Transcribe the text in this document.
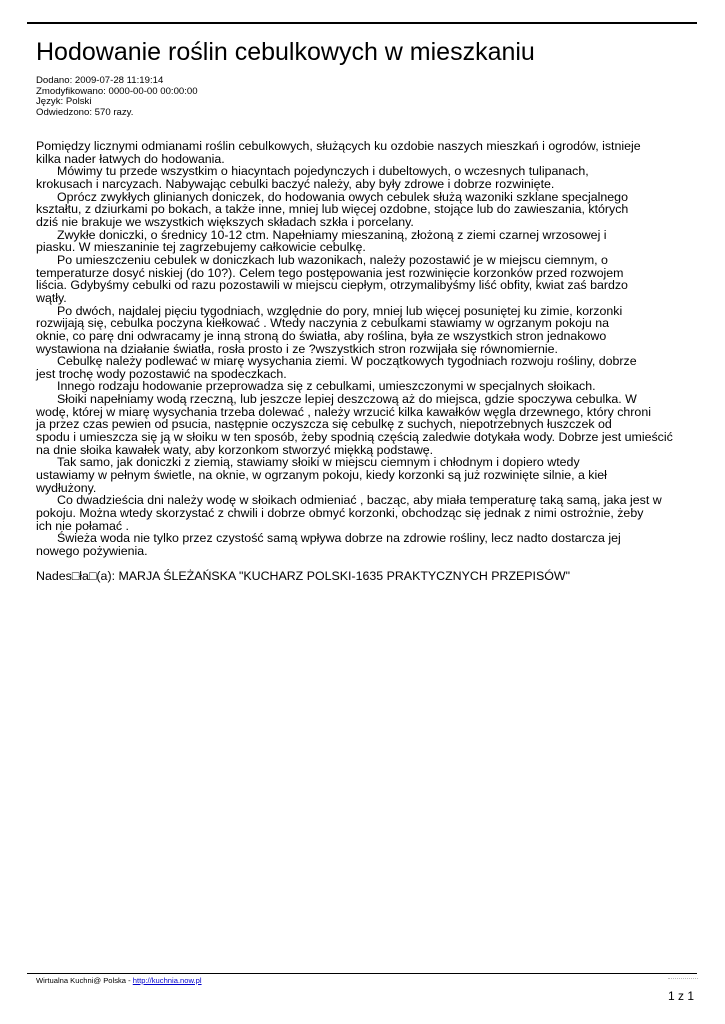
Hodowanie roślin cebulkowych w mieszkaniu
Dodano: 2009-07-28 11:19:14
Zmodyfikowano: 0000-00-00 00:00:00
Język: Polski
Odwiedzono: 570 razy.

Pomiędzy licznymi odmianami roślin cebulkowych, służących ku ozdobie naszych mieszkań i ogrodów, istnieje

kilka nader łatwych do hodowania.

Mówimy tu przede wszystkim o hiacyntach pojedynczych i dubeltowych, o wczesnych tulipanach,

krokusach i narcyzach. Nabywając cebulki baczyć należy, aby były zdrowe i dobrze rozwinięte.

Oprócz zwykłych glinianych doniczek, do hodowania owych cebulek służą wazoniki szklane specjalnego

kształtu, z dziurkami po bokach, a także inne, mniej lub więcej ozdobne, stojące lub do zawieszania, których

dziś nie brakuje we wszystkich większych składach szkła i porcelany.

Zwykłe doniczki, o średnicy 10-12 ctm. Napełniamy mieszaniną, złożoną z ziemi czarnej wrzosowej i

piasku. W mieszaninie tej zagrzebujemy całkowicie cebulkę.

Po umieszczeniu cebulek w doniczkach lub wazonikach, należy pozostawić je w miejscu ciemnym, o

temperaturze dosyć niskiej (do 10?). Celem tego postępowania jest rozwinięcie korzonków przed rozwojem

liścia. Gdybyśmy cebulki od razu pozostawili w miejscu ciepłym, otrzymalibyśmy liść obfity, kwiat zaś bardzo

wątły.

Po dwóch, najdalej pięciu tygodniach, względnie do pory, mniej lub więcej posuniętej ku zimie, korzonki

rozwijają się, cebulka poczyna kiełkować . Wtedy naczynia z cebulkami stawiamy w ogrzanym pokoju na

oknie, co parę dni odwracamy je inną stroną do światła, aby roślina, była ze wszystkich stron jednakowo

wystawiona na działanie światła, rosła prosto i ze ?wszystkich stron rozwijała się równomiernie.

Cebulkę należy podlewać w miarę wysychania ziemi. W początkowych tygodniach rozwoju rośliny, dobrze

jest trochę wody pozostawić na spodeczkach.

Innego rodzaju hodowanie przeprowadza się z cebulkami, umieszczonymi w specjalnych słoikach.

Słoiki napełniamy wodą rzeczną, lub jeszcze lepiej deszczową aż do miejsca, gdzie spoczywa cebulka. W

wodę, której w miarę wysychania trzeba dolewać , należy wrzucić kilka kawałków węgla drzewnego, który chroni

ja przez czas pewien od psucia, następnie oczyszcza się cebulkę z suchych, niepotrzebnych łuszczek od

spodu i umieszcza się ją w słoiku w ten sposób, żeby spodnią częścią zaledwie dotykała wody. Dobrze jest umieścić

na dnie słoika kawałek waty, aby korzonkom stworzyć miękką podstawę.

Tak samo, jak doniczki z ziemią, stawiamy słoiki w miejscu ciemnym i chłodnym i dopiero wtedy

ustawiamy w pełnym świetle, na oknie, w ogrzanym pokoju, kiedy korzonki są już rozwinięte silnie, a kieł

wydłużony.

Co dwadzieścia dni należy wodę w słoikach odmieniać , bacząc, aby miała temperaturę taką samą, jaka jest w

pokoju. Można wtedy skorzystać z chwili i dobrze obmyć korzonki, obchodząc się jednak z nimi ostrożnie, żeby

ich nie połamać .

Świeża woda nie tylko przez czystość samą wpływa dobrze na zdrowie rośliny, lecz nadto dostarcza jej

nowego pożywienia.

Nades□ła□(a): MARJA ŚLEŻAŃSKA "KUCHARZ POLSKI-1635 PRAKTYCZNYCH PRZEPISÓW"

Wirtualna Kuchni@ Polska - http://kuchnia.now.pl
1 z 1
